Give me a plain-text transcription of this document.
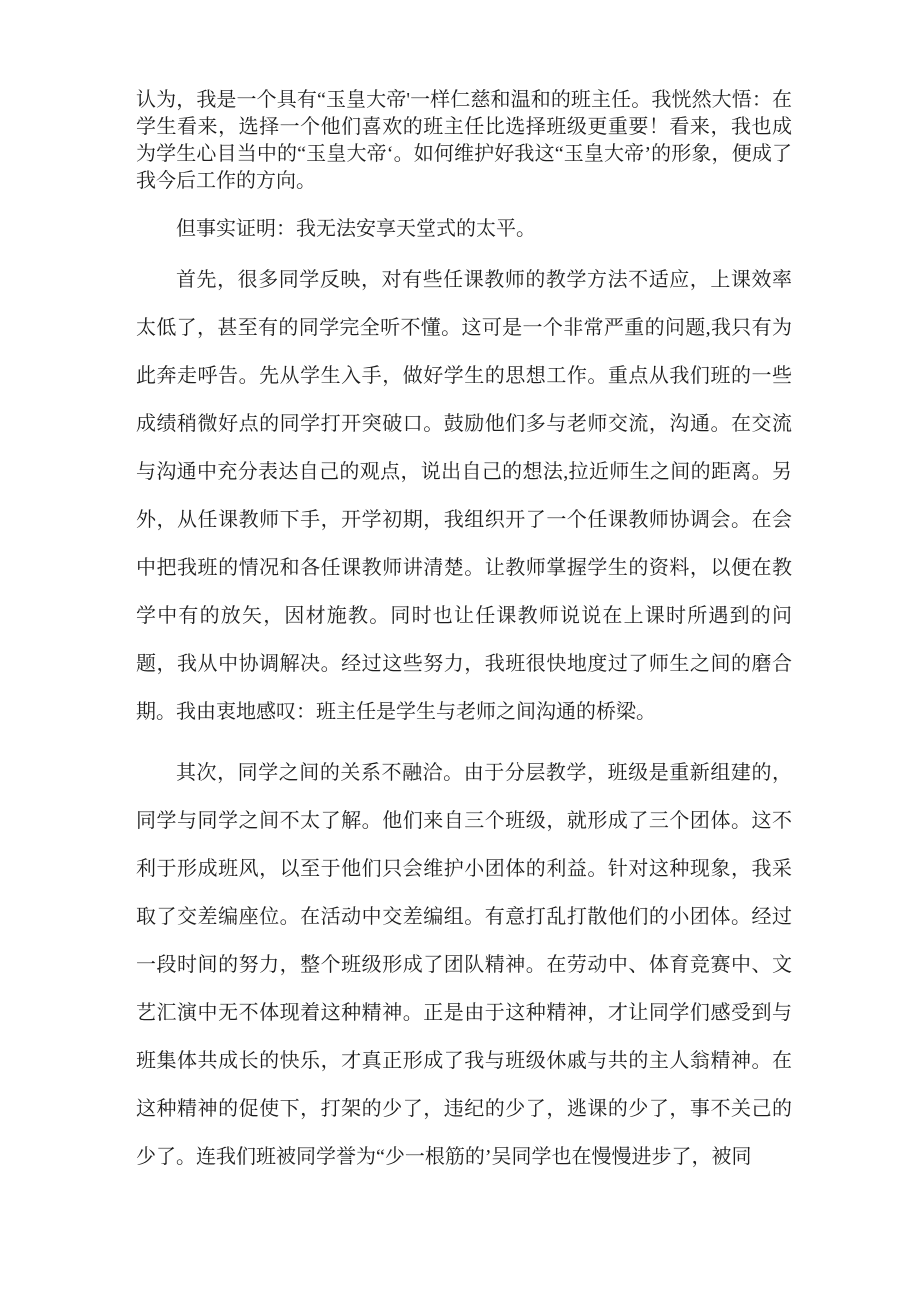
认为，我是一个具有“玉皇大帝'一样仁慈和温和的班主任。我恍然大悟：在学生看来，选择一个他们喜欢的班主任比选择班级更重要！看来，我也成为学生心目当中的“玉皇大帝‘。如何维护好我这“玉皇大帝’的形象，便成了我今后工作的方向。

但事实证明：我无法安享天堂式的太平。

首先，很多同学反映，对有些任课教师的教学方法不适应，上课效率太低了，甚至有的同学完全听不懂。这可是一个非常严重的问题,我只有为此奔走呼告。先从学生入手，做好学生的思想工作。重点从我们班的一些成绩稍微好点的同学打开突破口。鼓励他们多与老师交流，沟通。在交流与沟通中充分表达自己的观点，说出自己的想法,拉近师生之间的距离。另外，从任课教师下手，开学初期，我组织开了一个任课教师协调会。在会中把我班的情况和各任课教师讲清楚。让教师掌握学生的资料，以便在教学中有的放矢，因材施教。同时也让任课教师说说在上课时所遇到的问题，我从中协调解决。经过这些努力，我班很快地度过了师生之间的磨合期。我由衷地感叹：班主任是学生与老师之间沟通的桥梁。

其次，同学之间的关系不融洽。由于分层教学，班级是重新组建的，同学与同学之间不太了解。他们来自三个班级，就形成了三个团体。这不利于形成班风，以至于他们只会维护小团体的利益。针对这种现象，我采取了交差编座位。在活动中交差编组。有意打乱打散他们的小团体。经过一段时间的努力，整个班级形成了团队精神。在劳动中、体育竞赛中、文艺汇演中无不体现着这种精神。正是由于这种精神，才让同学们感受到与班集体共成长的快乐，才真正形成了我与班级休戚与共的主人翁精神。在这种精神的促使下，打架的少了，违纪的少了，逃课的少了，事不关己的少了。连我们班被同学誉为“少一根筋的’吴同学也在慢慢进步了，被同
